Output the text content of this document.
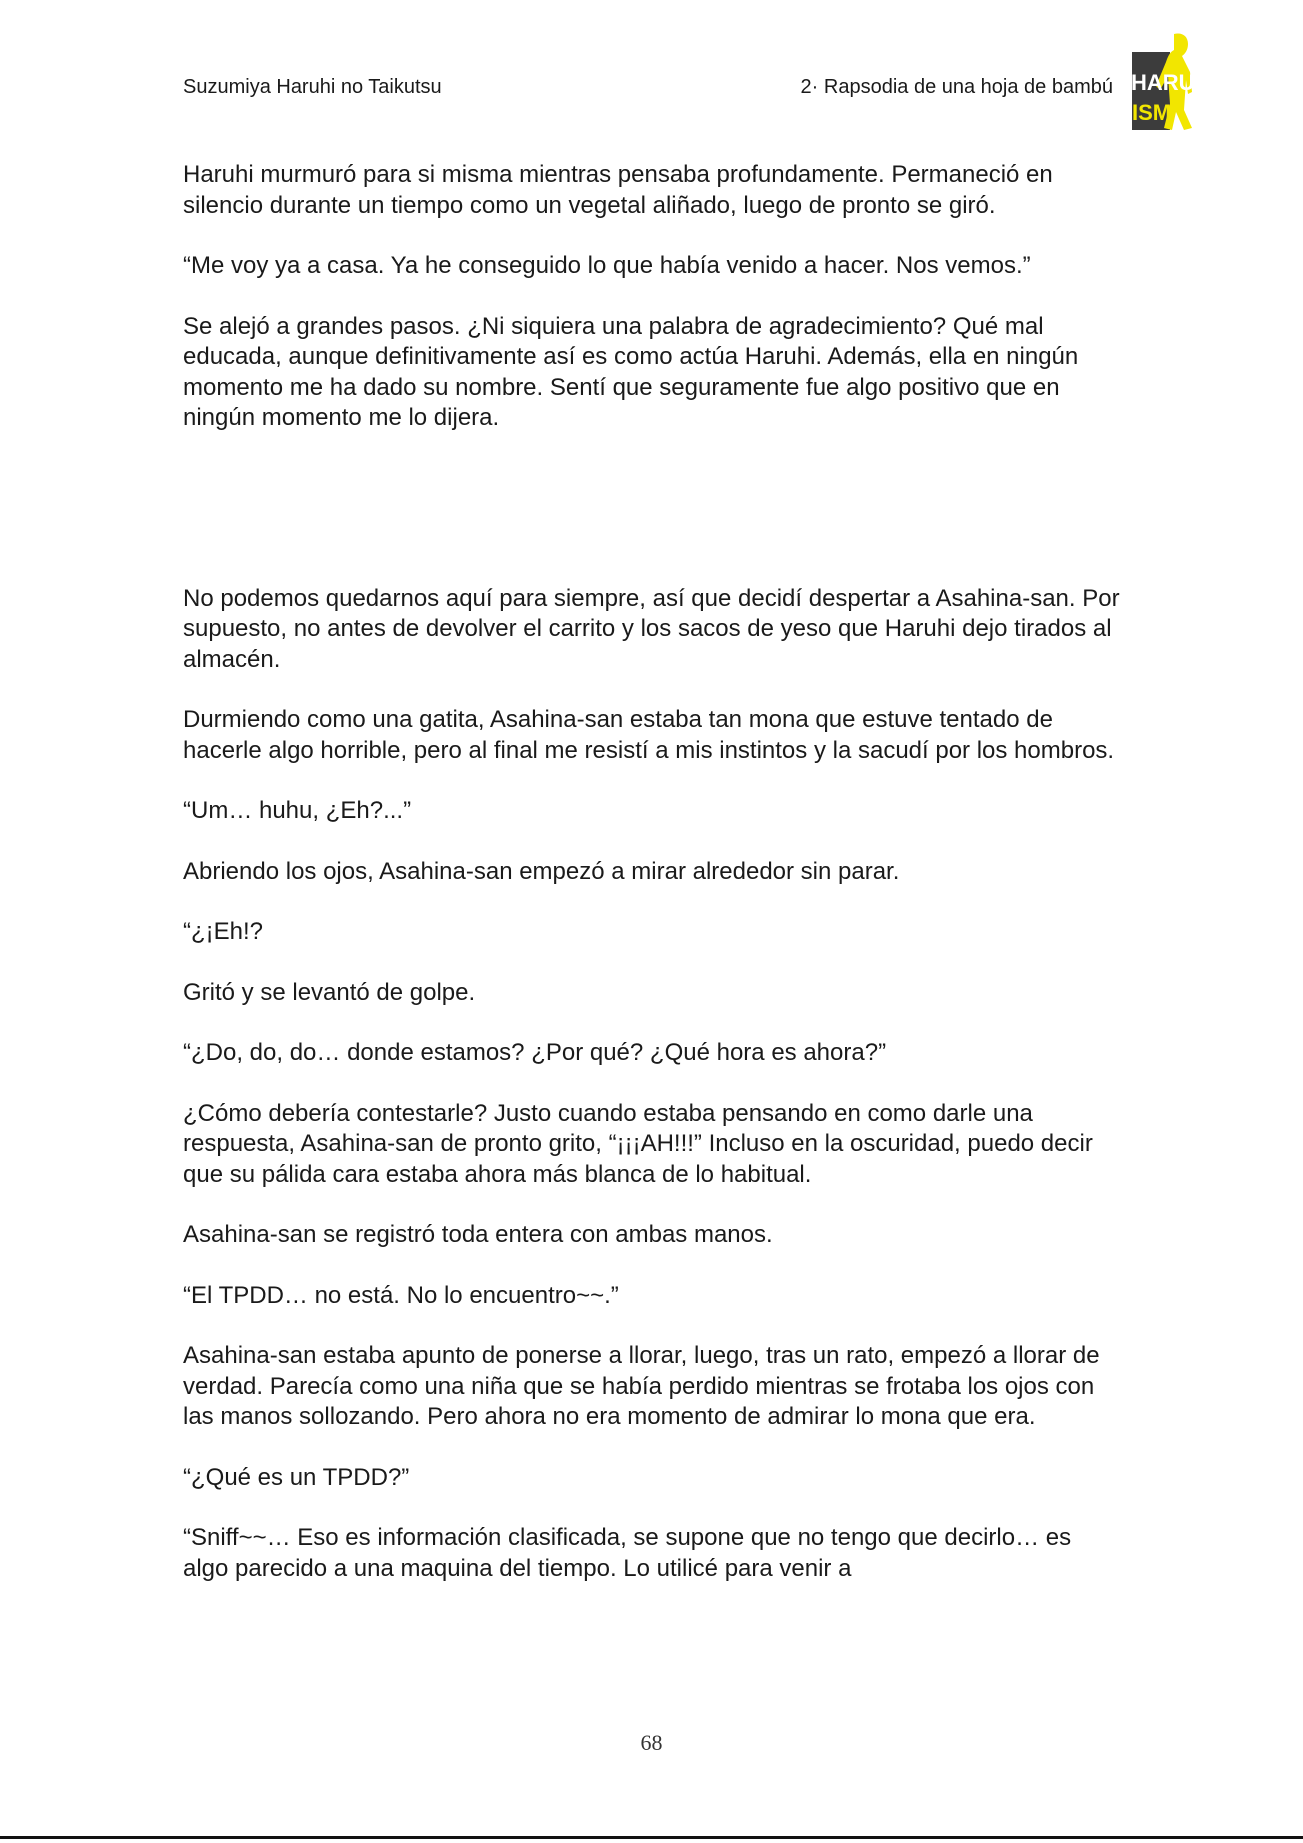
Suzumiya Haruhi no Taikutsu	2· Rapsodia de una hoja de bambú HARUHI
ISM

Haruhi murmuró para si misma mientras pensaba profundamente. Permaneció en silencio durante un tiempo como un vegetal aliñado, luego de pronto se giró.

“Me voy ya a casa. Ya he conseguido lo que había venido a hacer. Nos vemos.”

Se alejó a grandes pasos. ¿Ni siquiera una palabra de agradecimiento? Qué mal educada, aunque definitivamente así es como actúa Haruhi. Además, ella en ningún momento me ha dado su nombre. Sentí que seguramente fue algo positivo que en ningún momento me lo dijera.

No podemos quedarnos aquí para siempre, así que decidí despertar a Asahina-san. Por supuesto, no antes de devolver el carrito y los sacos de yeso que Haruhi dejo tirados al almacén.

Durmiendo como una gatita, Asahina-san estaba tan mona que estuve tentado de hacerle algo horrible, pero al final me resistí a mis instintos y la sacudí por los hombros.

“Um… huhu, ¿Eh?...”

Abriendo los ojos, Asahina-san empezó a mirar alrededor sin parar.

“¿¡Eh!?

Gritó y se levantó de golpe.

“¿Do, do, do… donde estamos? ¿Por qué? ¿Qué hora es ahora?”

¿Cómo debería contestarle? Justo cuando estaba pensando en como darle una respuesta, Asahina-san de pronto grito, “¡¡¡AH!!!” Incluso en la oscuridad, puedo decir que su pálida cara estaba ahora más blanca de lo habitual.

Asahina-san se registró toda entera con ambas manos.

“El TPDD… no está. No lo encuentro~~.”

Asahina-san estaba apunto de ponerse a llorar, luego, tras un rato, empezó a llorar de verdad. Parecía como una niña que se había perdido mientras se frotaba los ojos con las manos sollozando. Pero ahora no era momento de admirar lo mona que era.

“¿Qué es un TPDD?”

“Sniff~~… Eso es información clasificada, se supone que no tengo que decirlo… es algo parecido a una maquina del tiempo. Lo utilicé para venir a

68
